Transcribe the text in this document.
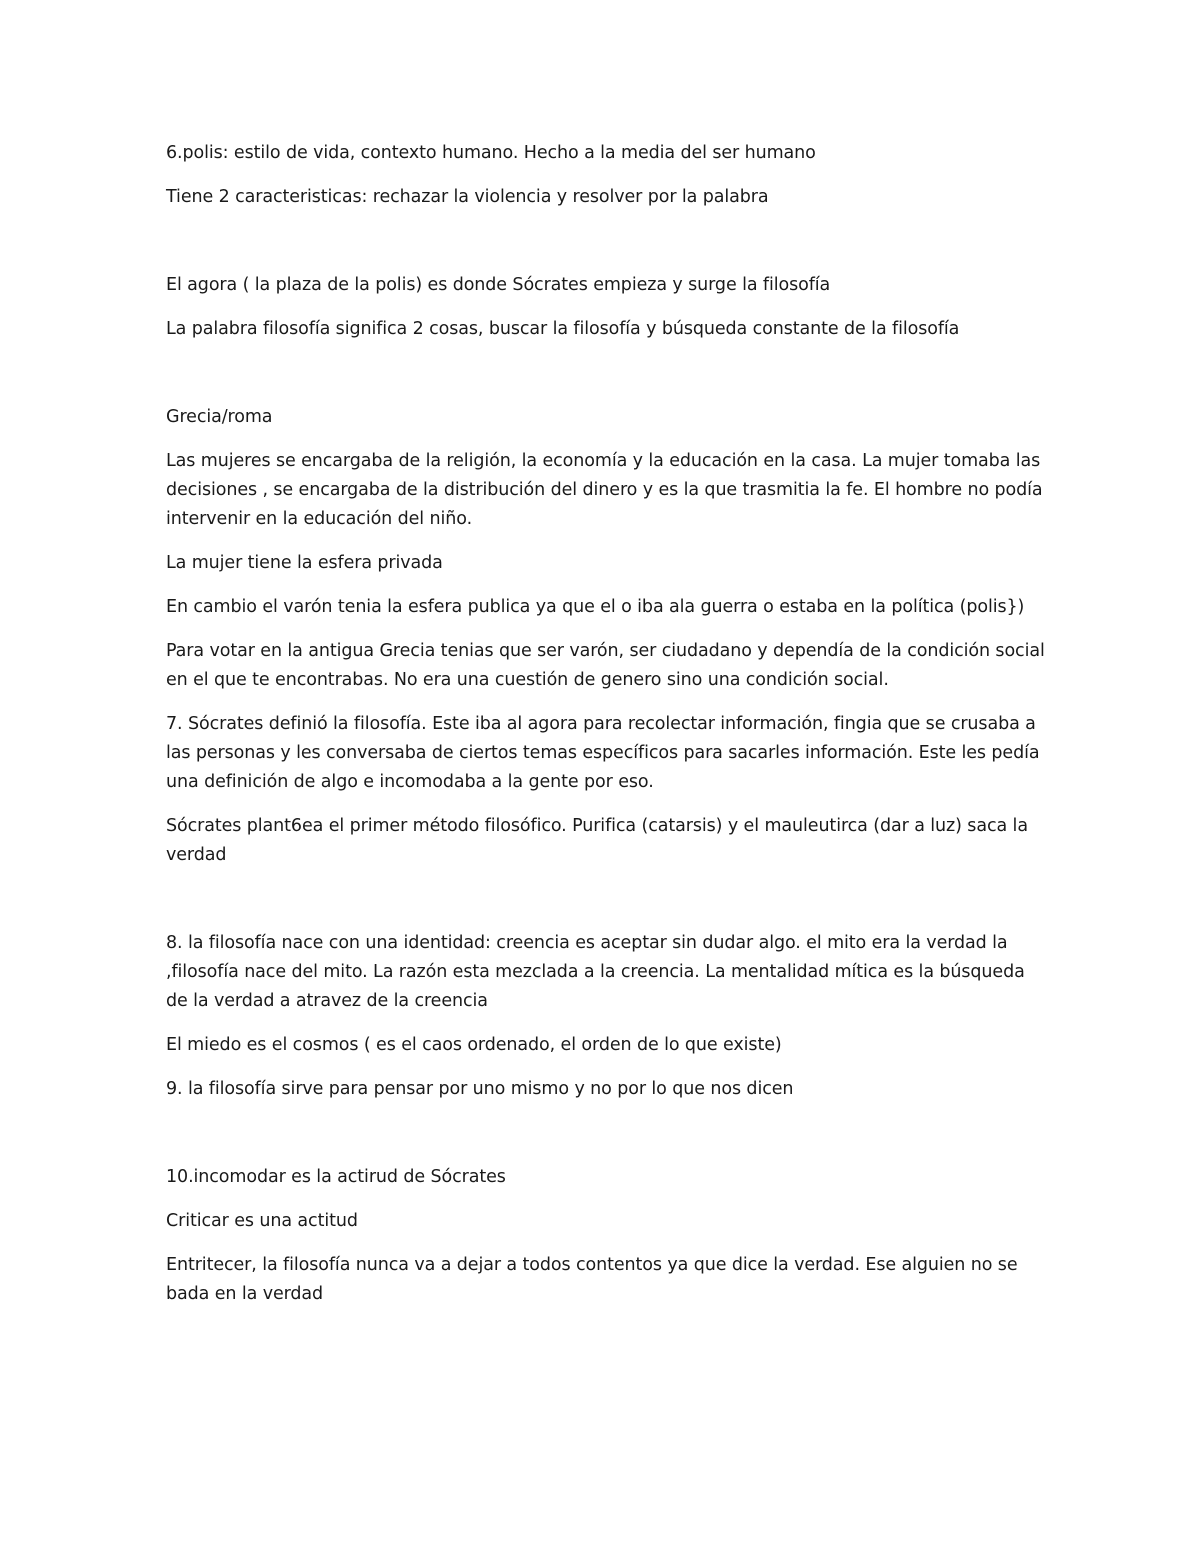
6.polis: estilo de vida, contexto humano. Hecho a la media del ser humano

Tiene 2 caracteristicas: rechazar la violencia y resolver por la palabra

El agora ( la plaza de la polis) es donde Sócrates empieza y surge la filosofía

La palabra filosofía significa 2 cosas, buscar la filosofía y búsqueda constante de la filosofía

Grecia/roma

Las mujeres se encargaba de la religión, la economía y la educación en la casa. La mujer tomaba las decisiones , se encargaba de la distribución del dinero y es la que trasmitia la fe. El hombre no podía intervenir en la educación del niño.

La mujer tiene la esfera privada

En cambio el varón tenia la esfera publica ya que el o iba ala guerra o estaba en la política (polis})

Para votar en la antigua Grecia tenias que ser varón, ser ciudadano y dependía de la condición social en el que te encontrabas. No era una cuestión de genero sino una condición social.

7. Sócrates definió la filosofía. Este iba al agora para recolectar información, fingia que se crusaba a las personas y les conversaba de ciertos temas específicos para sacarles información. Este les pedía una definición de algo e incomodaba a la gente por eso.

Sócrates plant6ea el primer método filosófico. Purifica (catarsis) y el mauleutirca (dar a luz) saca la verdad

8. la filosofía nace con una identidad: creencia es aceptar sin dudar algo. el mito era la verdad la ,filosofía nace del mito. La razón esta mezclada a la creencia. La mentalidad mítica es la búsqueda de la verdad a atravez de la creencia

El miedo es el cosmos ( es el caos ordenado, el orden de lo que existe)

9. la filosofía sirve para pensar por uno mismo y no por lo que nos dicen

10.incomodar es la actirud de Sócrates

Criticar es una actitud

Entritecer, la filosofía nunca va a dejar a todos contentos ya que dice la verdad. Ese alguien no se bada en la verdad
